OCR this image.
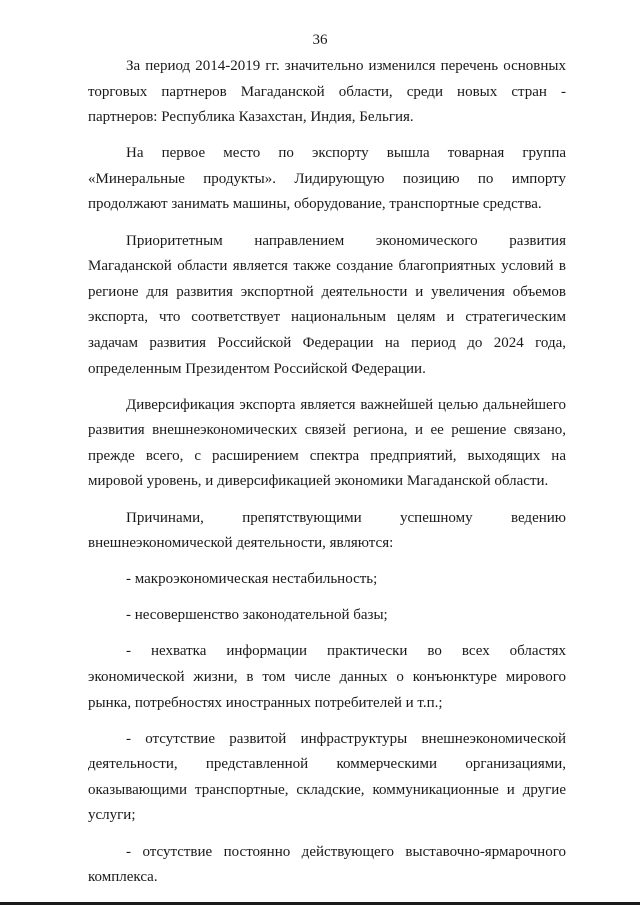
36

За период 2014-2019 гг. значительно изменился перечень основных торговых партнеров Магаданской области, среди новых стран - партнеров: Республика Казахстан, Индия, Бельгия.

На первое место по экспорту вышла товарная группа «Минеральные продукты». Лидирующую позицию по импорту продолжают занимать машины, оборудование, транспортные средства.

Приоритетным направлением экономического развития Магаданской области является также создание благоприятных условий в регионе для развития экспортной деятельности и увеличения объемов экспорта, что соответствует национальным целям и стратегическим задачам развития Российской Федерации на период до 2024 года, определенным Президентом Российской Федерации.

Диверсификация экспорта является важнейшей целью дальнейшего развития внешнеэкономических связей региона, и ее решение связано, прежде всего, с расширением спектра предприятий, выходящих на мировой уровень, и диверсификацией экономики Магаданской области.

Причинами, препятствующими успешному ведению внешнеэкономической деятельности, являются:

- макроэкономическая нестабильность;

- несовершенство законодательной базы;

- нехватка информации практически во всех областях экономической жизни, в том числе данных о конъюнктуре мирового рынка, потребностях иностранных потребителей и т.п.;

- отсутствие развитой инфраструктуры внешнеэкономической деятельности, представленной коммерческими организациями, оказывающими транспортные, складские, коммуникационные и другие услуги;

- отсутствие постоянно действующего выставочно-ярмарочного комплекса.
